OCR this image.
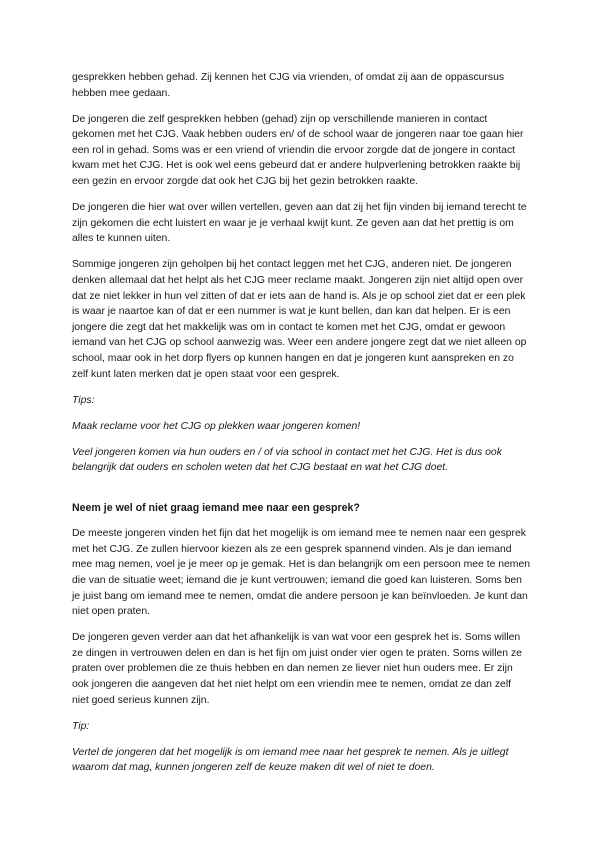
gesprekken hebben gehad. Zij kennen het CJG via vrienden, of omdat zij aan de oppascursus hebben mee gedaan.

De jongeren die zelf gesprekken hebben (gehad) zijn op verschillende manieren in contact gekomen met het CJG. Vaak hebben ouders en/ of de school waar de jongeren naar toe gaan hier een rol in gehad. Soms was er een vriend of vriendin die ervoor zorgde dat de jongere in contact kwam met het CJG. Het is ook wel eens gebeurd dat er andere hulpverlening betrokken raakte bij een gezin en ervoor zorgde dat ook het CJG bij het gezin betrokken raakte.

De jongeren die hier wat over willen vertellen, geven aan dat zij het fijn vinden bij iemand terecht te zijn gekomen die echt luistert en waar je je verhaal kwijt kunt. Ze geven aan dat het prettig is om alles te kunnen uiten.

Sommige jongeren zijn geholpen bij het contact leggen met het CJG, anderen niet. De jongeren denken allemaal dat het helpt als het CJG meer reclame maakt. Jongeren zijn niet altijd open over dat ze niet lekker in hun vel zitten of dat er iets aan de hand is. Als je op school ziet dat er een plek is waar je naartoe kan of dat er een nummer is wat je kunt bellen, dan kan dat helpen. Er is een jongere die zegt dat het makkelijk was om in contact te komen met het CJG, omdat er gewoon iemand van het CJG op school aanwezig was. Weer een andere jongere zegt dat we niet alleen op school, maar ook in het dorp flyers op kunnen hangen en dat je jongeren kunt aanspreken en zo zelf kunt laten merken dat je open staat voor een gesprek.

Tips:

Maak reclame voor het CJG op plekken waar jongeren komen!

Veel jongeren komen via hun ouders en / of via school in contact met het CJG. Het is dus ook belangrijk dat ouders en scholen weten dat het CJG bestaat en wat het CJG doet.

Neem je wel of niet graag iemand mee naar een gesprek?

De meeste jongeren vinden het fijn dat het mogelijk is om iemand mee te nemen naar een gesprek met het CJG. Ze zullen hiervoor kiezen als ze een gesprek spannend vinden. Als je dan iemand mee mag nemen, voel je je meer op je gemak. Het is dan belangrijk om een persoon mee te nemen die van de situatie weet; iemand die je kunt vertrouwen; iemand die goed kan luisteren. Soms ben je juist bang om iemand mee te nemen, omdat die andere persoon je kan beïnvloeden. Je kunt dan niet open praten.

De jongeren geven verder aan dat het afhankelijk is van wat voor een gesprek het is. Soms willen ze dingen in vertrouwen delen en dan is het fijn om juist onder vier ogen te praten. Soms willen ze praten over problemen die ze thuis hebben en dan nemen ze liever niet hun ouders mee. Er zijn ook jongeren die aangeven dat het niet helpt om een vriendin mee te nemen, omdat ze dan zelf niet goed serieus kunnen zijn.

Tip:

Vertel de jongeren dat het mogelijk is om iemand mee naar het gesprek te nemen. Als je uitlegt waarom dat mag, kunnen jongeren zelf de keuze maken dit wel of niet te doen.
